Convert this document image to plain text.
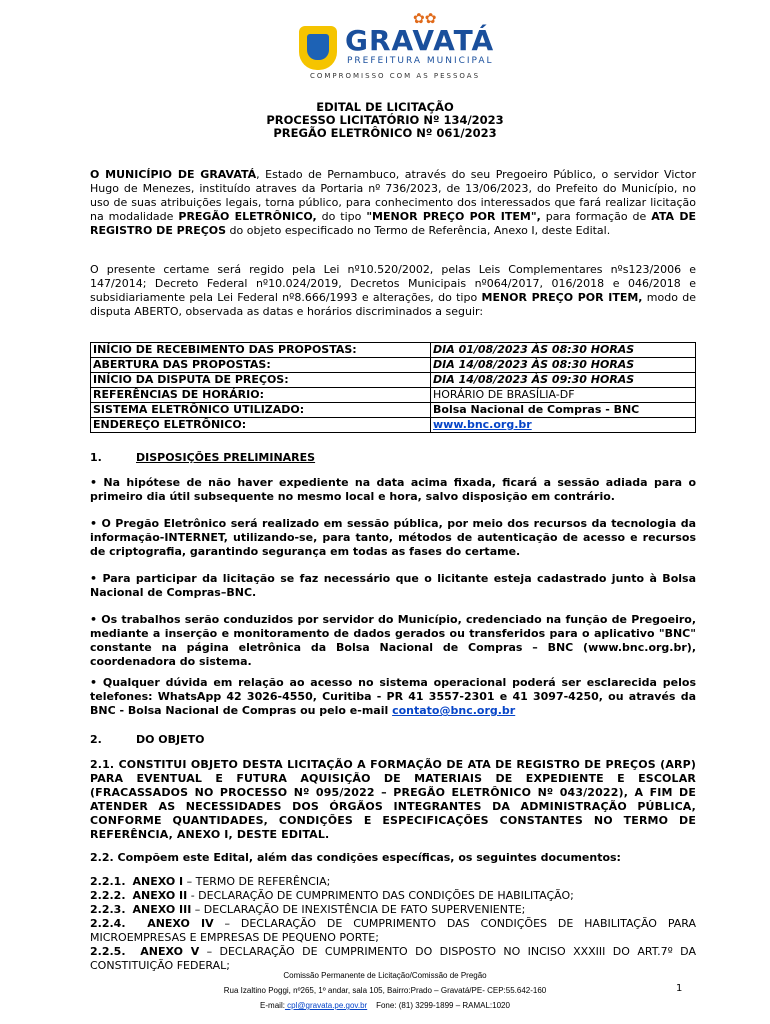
✿✿
GRAVATÁ
PREFEITURA MUNICIPAL
COMPROMISSO COM AS PESSOAS
EDITAL DE LICITAÇÃO
PROCESSO LICITATÓRIO Nº 134/2023
PREGÃO ELETRÔNICO Nº 061/2023

O MUNICÍPIO DE GRAVATÁ, Estado de Pernambuco, através do seu Pregoeiro Público, o servidor Victor Hugo de Menezes, instituído atraves da Portaria nº 736/2023, de 13/06/2023, do Prefeito do Município, no uso de suas atribuições legais, torna público, para conhecimento dos interessados que fará realizar licitação na modalidade PREGÃO ELETRÔNICO, do tipo "MENOR PREÇO POR ITEM", para formação de ATA DE REGISTRO DE PREÇOS do objeto especificado no Termo de Referência, Anexo I, deste Edital.

O presente certame será regido pela Lei nº10.520/2002, pelas Leis Complementares nºs123/2006 e 147/2014; Decreto Federal nº10.024/2019, Decretos Municipais nº064/2017, 016/2018 e 046/2018 e subsidiariamente pela Lei Federal nº8.666/1993 e alterações, do tipo MENOR PREÇO POR ITEM, modo de disputa ABERTO, observada as datas e horários discriminados a seguir:

INÍCIO DE RECEBIMENTO DAS PROPOSTAS:	DIA 01/08/2023 ÀS 08:30 HORAS
ABERTURA DAS PROPOSTAS:	DIA 14/08/2023 ÀS 08:30 HORAS
INÍCIO DA DISPUTA DE PREÇOS:	DIA 14/08/2023 ÀS 09:30 HORAS
REFERÊNCIAS DE HORÁRIO:	HORÁRIO DE BRASÍLIA-DF
SISTEMA ELETRÔNICO UTILIZADO:	Bolsa Nacional de Compras - BNC
ENDEREÇO ELETRÔNICO:	www.bnc.org.br
1.	DISPOSIÇÕES PRELIMINARES

• Na hipótese de não haver expediente na data acima fixada, ficará a sessão adiada para o primeiro dia útil subsequente no mesmo local e hora, salvo disposição em contrário.

• O Pregão Eletrônico será realizado em sessão pública, por meio dos recursos da tecnologia da informação-INTERNET, utilizando-se, para tanto, métodos de autenticação de acesso e recursos de criptografia, garantindo segurança em todas as fases do certame.

• Para participar da licitação se faz necessário que o licitante esteja cadastrado junto à Bolsa Nacional de Compras–BNC.

• Os trabalhos serão conduzidos por servidor do Município, credenciado na função de Pregoeiro, mediante a inserção e monitoramento de dados gerados ou transferidos para o aplicativo "BNC" constante na página eletrônica da Bolsa Nacional de Compras – BNC (www.bnc.org.br), coordenadora do sistema.

• Qualquer dúvida em relação ao acesso no sistema operacional poderá ser esclarecida pelos telefones: WhatsApp 42 3026-4550, Curitiba - PR 41 3557-2301 e 41 3097-4250, ou através da BNC - Bolsa Nacional de Compras ou pelo e-mail contato@bnc.org.br

2.	DO OBJETO

2.1. CONSTITUI OBJETO DESTA LICITAÇÃO A FORMAÇÃO DE ATA DE REGISTRO DE PREÇOS (ARP) PARA EVENTUAL E FUTURA AQUISIÇÃO DE MATERIAIS DE EXPEDIENTE E ESCOLAR (FRACASSADOS NO PROCESSO Nº 095/2022 – PREGÃO ELETRÔNICO Nº 043/2022), A FIM DE ATENDER AS NECESSIDADES DOS ÓRGÃOS INTEGRANTES DA ADMINISTRAÇÃO PÚBLICA, CONFORME QUANTIDADES, CONDIÇÕES E ESPECIFICAÇÕES CONSTANTES NO TERMO DE REFERÊNCIA, ANEXO I, DESTE EDITAL.

2.2. Compõem este Edital, além das condições específicas, os seguintes documentos:

2.2.1. ANEXO I – TERMO DE REFERÊNCIA;
2.2.2. ANEXO II - DECLARAÇÃO DE CUMPRIMENTO DAS CONDIÇÕES DE HABILITAÇÃO;
2.2.3. ANEXO III – DECLARAÇÃO DE INEXISTÊNCIA DE FATO SUPERVENIENTE;
2.2.4. ANEXO IV – DECLARAÇÃO DE CUMPRIMENTO DAS CONDIÇÕES DE HABILITAÇÃO PARA MICROEMPRESAS E EMPRESAS DE PEQUENO PORTE;
2.2.5. ANEXO V – DECLARAÇÃO DE CUMPRIMENTO DO DISPOSTO NO INCISO XXXIII DO ART.7º DA CONSTITUIÇÃO FEDERAL;
Comissão Permanente de Licitação/Comissão de Pregão
Rua Izaltino Poggi, nº265, 1º andar, sala 105, Bairro:Prado – Gravatá/PE- CEP:55.642-160
E-mail: cpl@gravata.pe.gov.br Fone: (81) 3299-1899 – RAMAL:1020
1
